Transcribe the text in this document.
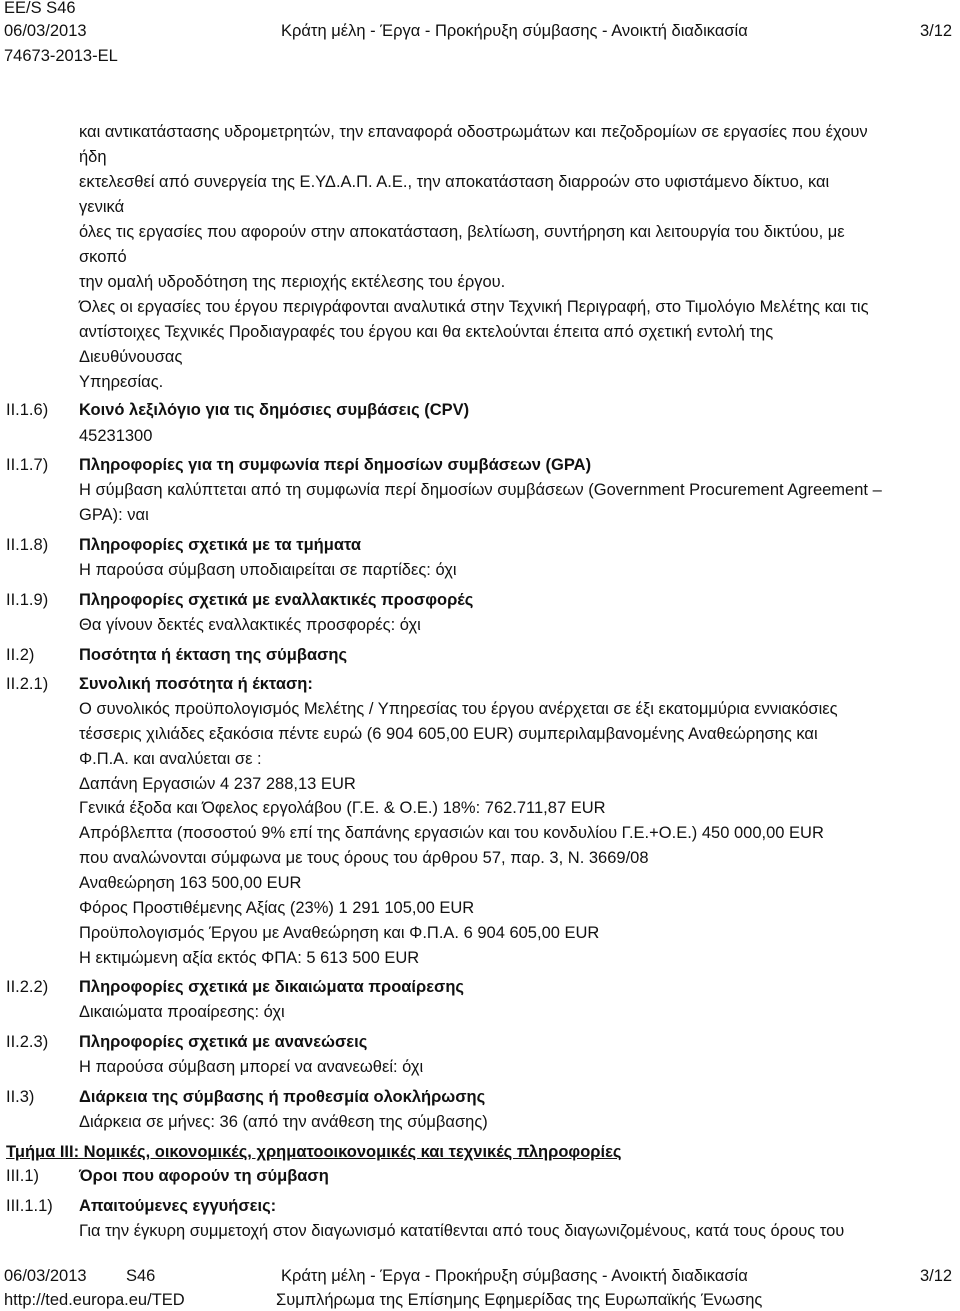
EE/S S46
06/03/2013	Κράτη μέλη - Έργα - Προκήρυξη σύμβασης - Ανοικτή διαδικασία	3/12
74673-2013-EL
και αντικατάστασης υδρομετρητών, την επαναφορά οδοστρωμάτων και πεζοδρομίων σε εργασίες που έχουν
ήδη
εκτελεσθεί από συνεργεία της Ε.ΥΔ.Α.Π. Α.Ε., την αποκατάσταση διαρροών στο υφιστάμενο δίκτυο, και
γενικά
όλες τις εργασίες που αφορούν στην αποκατάσταση, βελτίωση, συντήρηση και λειτουργία του δικτύου, με
σκοπό
την ομαλή υδροδότηση της περιοχής εκτέλεσης του έργου.
Όλες οι εργασίες του έργου περιγράφονται αναλυτικά στην Τεχνική Περιγραφή, στο Τιμολόγιο Μελέτης και τις
αντίστοιχες Τεχνικές Προδιαγραφές του έργου και θα εκτελούνται έπειτα από σχετική εντολή της
Διευθύνουσας
Υπηρεσίας.
II.1.6) Κοινό λεξιλόγιο για τις δημόσιες συμβάσεις (CPV)
45231300
II.1.7) Πληροφορίες για τη συμφωνία περί δημοσίων συμβάσεων (GPA)
Η σύμβαση καλύπτεται από τη συμφωνία περί δημοσίων συμβάσεων (Government Procurement Agreement –
GPA): ναι
II.1.8) Πληροφορίες σχετικά με τα τμήματα
Η παρούσα σύμβαση υποδιαιρείται σε παρτίδες: όχι
II.1.9) Πληροφορίες σχετικά με εναλλακτικές προσφορές
Θα γίνουν δεκτές εναλλακτικές προσφορές: όχι
II.2)	Ποσότητα ή έκταση της σύμβασης
II.2.1) Συνολική ποσότητα ή έκταση:
Ο συνολικός προϋπολογισμός Μελέτης / Υπηρεσίας του έργου ανέρχεται σε έξι εκατομμύρια εννιακόσιες
τέσσερις χιλιάδες εξακόσια πέντε ευρώ (6 904 605,00 EUR) συμπεριλαμβανομένης Αναθεώρησης και
Φ.Π.Α. και αναλύεται σε :
Δαπάνη Εργασιών 4 237 288,13 EUR
Γενικά έξοδα και Όφελος εργολάβου (Γ.Ε. & Ο.Ε.) 18%: 762.711,87 EUR
Απρόβλεπτα (ποσοστού 9% επί της δαπάνης εργασιών και του κονδυλίου Γ.Ε.+Ο.Ε.) 450 000,00 EUR
που αναλώνονται σύμφωνα με τους όρους του άρθρου 57, παρ. 3, Ν. 3669/08
Αναθεώρηση 163 500,00 EUR
Φόρος Προστιθέμενης Αξίας (23%) 1 291 105,00 EUR
Προϋπολογισμός Έργου με Αναθεώρηση και Φ.Π.Α. 6 904 605,00 EUR
Η εκτιμώμενη αξία εκτός ΦΠΑ: 5 613 500 EUR
II.2.2) Πληροφορίες σχετικά με δικαιώματα προαίρεσης
Δικαιώματα προαίρεσης: όχι
II.2.3) Πληροφορίες σχετικά με ανανεώσεις
Η παρούσα σύμβαση μπορεί να ανανεωθεί: όχι
II.3)	Διάρκεια της σύμβασης ή προθεσμία ολοκλήρωσης
Διάρκεια σε μήνες: 36 (από την ανάθεση της σύμβασης)
Τμήμα III: Νομικές, οικονομικές, χρηματοοικονομικές και τεχνικές πληροφορίες
III.1) Όροι που αφορούν τη σύμβαση
III.1.1) Απαιτούμενες εγγυήσεις:
Για την έγκυρη συμμετοχή στον διαγωνισμό κατατίθενται από τους διαγωνιζομένους, κατά τους όρους του
06/03/2013 S46	Κράτη μέλη - Έργα - Προκήρυξη σύμβασης - Ανοικτή διαδικασία	3/12
http://ted.europa.eu/TED	Συμπλήρωμα της Επίσημης Εφημερίδας της Ευρωπαϊκής Ένωσης
